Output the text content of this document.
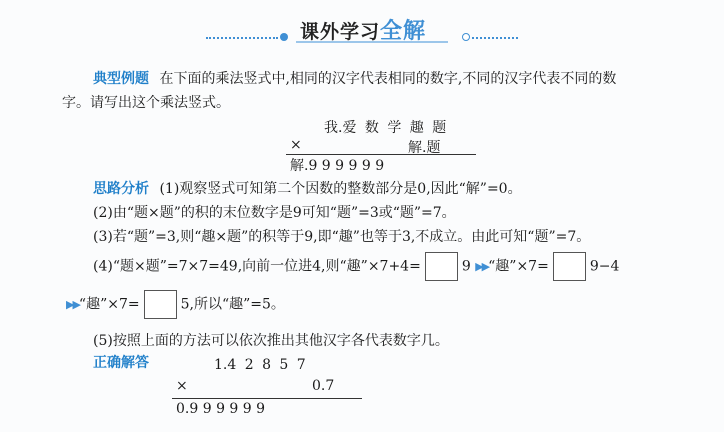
课外学习全解
典型例题 在下面的乘法竖式中,相同的汉字代表相同的数字,不同的汉字代表不同的数
字。请写出这个乘法竖式。
我.爱 数 学 趣 题
×	解.题
解.9 9 9 9 9 9
思路分析 (1)观察竖式可知第二个因数的整数部分是0,因此“解”=0。
(2)由“题×题”的积的末位数字是9可知“题”=3或“题”=7。
(3)若“题”=3,则“趣×题”的积等于9,即“趣”也等于3,不成立。由此可知“题”=7。
(4)“题×题”=7×7=49,向前一位进4,则“趣”×7+4=	9 ▶▶“趣”×7=	9−4
▶▶“趣”×7=	5,所以“趣”=5。
(5)按照上面的方法可以依次推出其他汉字各代表数字几。
正确解答	1.4 2 8 5 7
×	0.7
0.9 9 9 9 9 9
